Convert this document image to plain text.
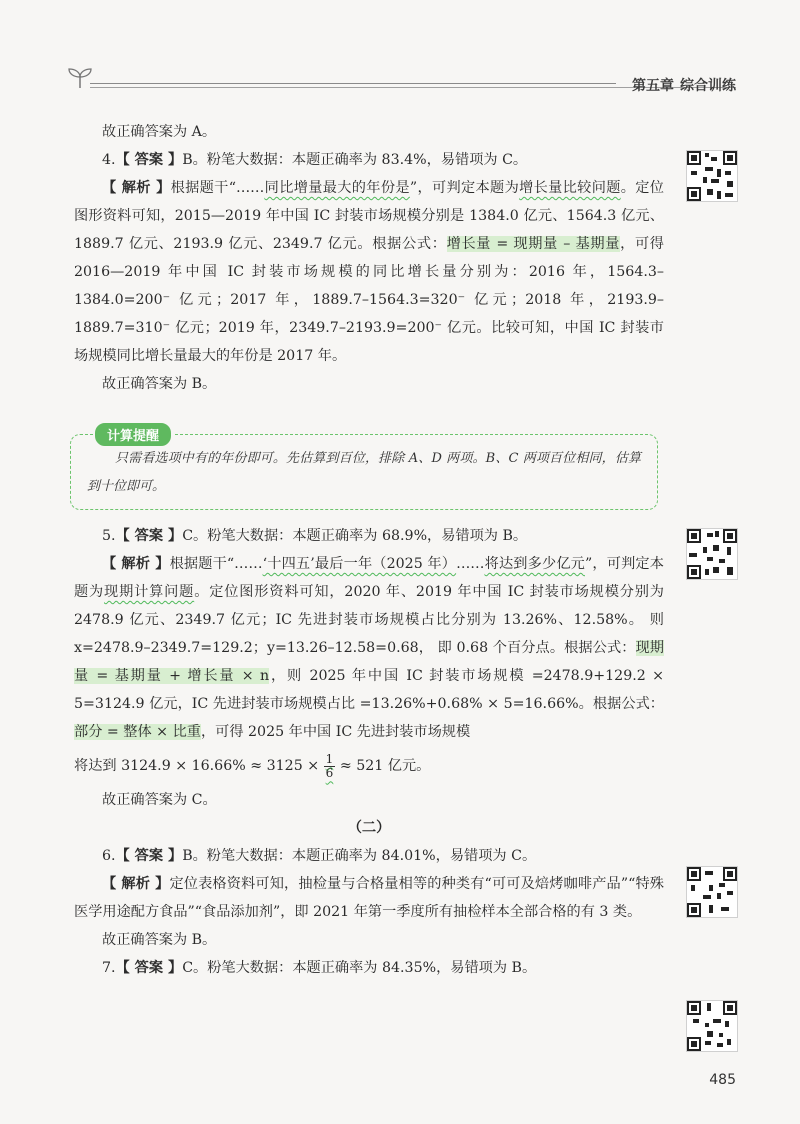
第五章 综合训练

故正确答案为 A。

4.【 答案 】B。粉笔大数据：本题正确率为 83.4%，易错项为 C。

【 解析 】根据题干“……同比增量最大的年份是”，可判定本题为增长量比较问题。定位图形资料可知，2015—2019 年中国 IC 封装市场规模分别是 1384.0 亿元、1564.3 亿元、1889.7 亿元、2193.9 亿元、2349.7 亿元。根据公式：增长量 = 现期量 – 基期量，可得 2016—2019 年中国 IC 封装市场规模的同比增长量分别为：2016 年，1564.3–1384.0=200⁻ 亿元；2017 年，1889.7–1564.3=320⁻ 亿元；2018 年，2193.9–1889.7=310⁻ 亿元；2019 年，2349.7–2193.9=200⁻ 亿元。比较可知，中国 IC 封装市场规模同比增长量最大的年份是 2017 年。

故正确答案为 B。

计算提醒

只需看选项中有的年份即可。先估算到百位，排除 A、D 两项。B、C 两项百位相同，估算到十位即可。

5.【 答案 】C。粉笔大数据：本题正确率为 68.9%，易错项为 B。

【 解析 】根据题干“……‘十四五’最后一年（2025 年）……将达到多少亿元”，可判定本题为现期计算问题。定位图形资料可知，2020 年、2019 年中国 IC 封装市场规模分别为 2478.9 亿元、2349.7 亿元；IC 先进封装市场规模占比分别为 13.26%、12.58%。 则 x=2478.9–2349.7=129.2；y=13.26–12.58=0.68， 即 0.68 个百分点。根据公式：现期量 = 基期量 + 增长量 × n，则 2025 年中国 IC 封装市场规模 =2478.9+129.2 × 5=3124.9 亿元，IC 先进封装市场规模占比 =13.26%+0.68% × 5=16.66%。根据公式：部分 = 整体 × 比重，可得 2025 年中国 IC 先进封装市场规模

将达到 $3124.9 \times 16.66\% \approx 3125 \times \frac{1}{6} \approx 521$ 亿元。

故正确答案为 C。

（二）

6.【 答案 】B。粉笔大数据：本题正确率为 84.01%，易错项为 C。

【 解析 】定位表格资料可知，抽检量与合格量相等的种类有“可可及焙烤咖啡产品”“特殊医学用途配方食品”“食品添加剂”，即 2021 年第一季度所有抽检样本全部合格的有 3 类。

故正确答案为 B。

7.【 答案 】C。粉笔大数据：本题正确率为 84.35%，易错项为 B。

485
